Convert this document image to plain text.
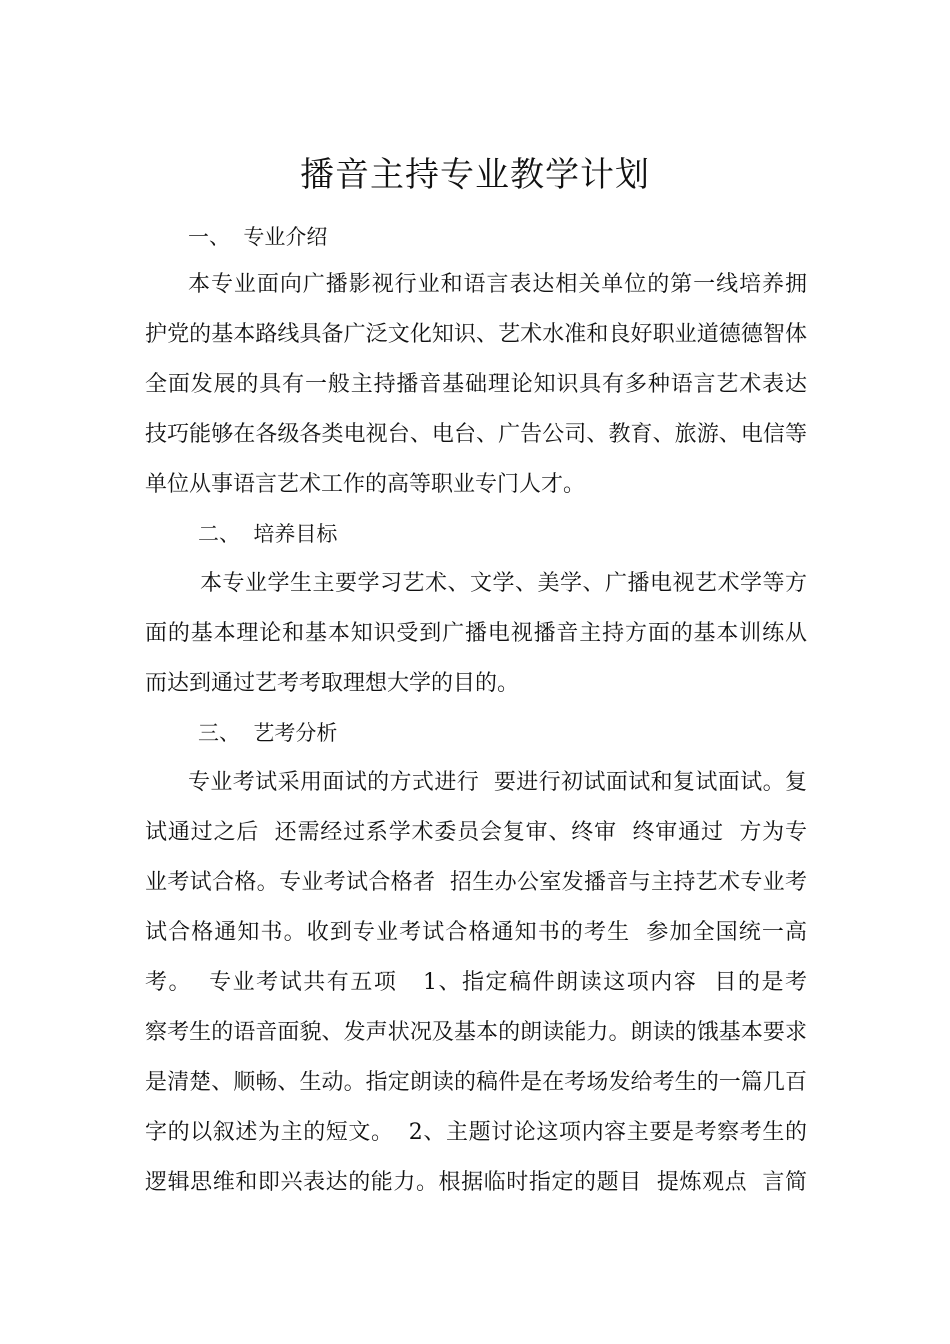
播音主持专业教学计划
一、  专业介绍
本专业面向广播影视行业和语言表达相关单位的第一线培养拥
护党的基本路线具备广泛文化知识、艺术水准和良好职业道德德智体
全面发展的具有一般主持播音基础理论知识具有多种语言艺术表达
技巧能够在各级各类电视台、电台、广告公司、教育、旅游、电信等
单位从事语言艺术工作的高等职业专门人才。
二、  培养目标
本专业学生主要学习艺术、文学、美学、广播电视艺术学等方
面的基本理论和基本知识受到广播电视播音主持方面的基本训练从
而达到通过艺考考取理想大学的目的。
三、  艺考分析
专业考试采用面试的方式进行  要进行初试面试和复试面试。复
试通过之后  还需经过系学术委员会复审、终审  终审通过  方为专
业考试合格。专业考试合格者  招生办公室发播音与主持艺术专业考
试合格通知书。收到专业考试合格通知书的考生  参加全国统一高
考。  专业考试共有五项   1、指定稿件朗读这项内容  目的是考
察考生的语音面貌、发声状况及基本的朗读能力。朗读的饿基本要求
是清楚、顺畅、生动。指定朗读的稿件是在考场发给考生的一篇几百
字的以叙述为主的短文。  2、主题讨论这项内容主要是考察考生的
逻辑思维和即兴表达的能力。根据临时指定的题目  提炼观点  言简
